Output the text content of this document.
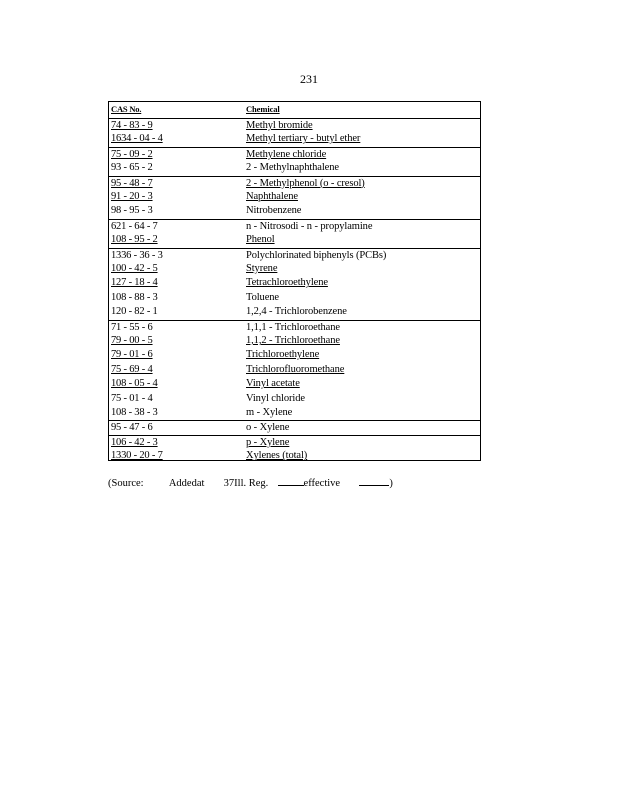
231
CAS No.	Chemical
74 - 83 - 9	Methyl bromide
1634 - 04 - 4	Methyl tertiary - butyl ether
75 - 09 - 2	Methylene chloride
93 - 65 - 2	2 - Methylnaphthalene
95 - 48 - 7	2 - Methylphenol (o - cresol)
91 - 20 - 3	Naphthalene
98 - 95 - 3	Nitrobenzene
621 - 64 - 7	n - Nitrosodi - n - propylamine
108 - 95 - 2	Phenol
1336 - 36 - 3	Polychlorinated biphenyls (PCBs)
100 - 42 - 5	Styrene
127 - 18 - 4	Tetrachloroethylene
108 - 88 - 3	Toluene
120 - 82 - 1	1,2,4 - Trichlorobenzene
71 - 55 - 6	1,1,1 - Trichloroethane
79 - 00 - 5	1,1,2 - Trichloroethane
79 - 01 - 6	Trichloroethylene
75 - 69 - 4	Trichlorofluoromethane
108 - 05 - 4	Vinyl acetate
75 - 01 - 4	Vinyl chloride
108 - 38 - 3	m - Xylene
95 - 47 - 6	o - Xylene
106 - 42 - 3	p - Xylene
1330 - 20 - 7	Xylenes (total)
(Source: Addedat 37Ill. Reg.	effective	)
